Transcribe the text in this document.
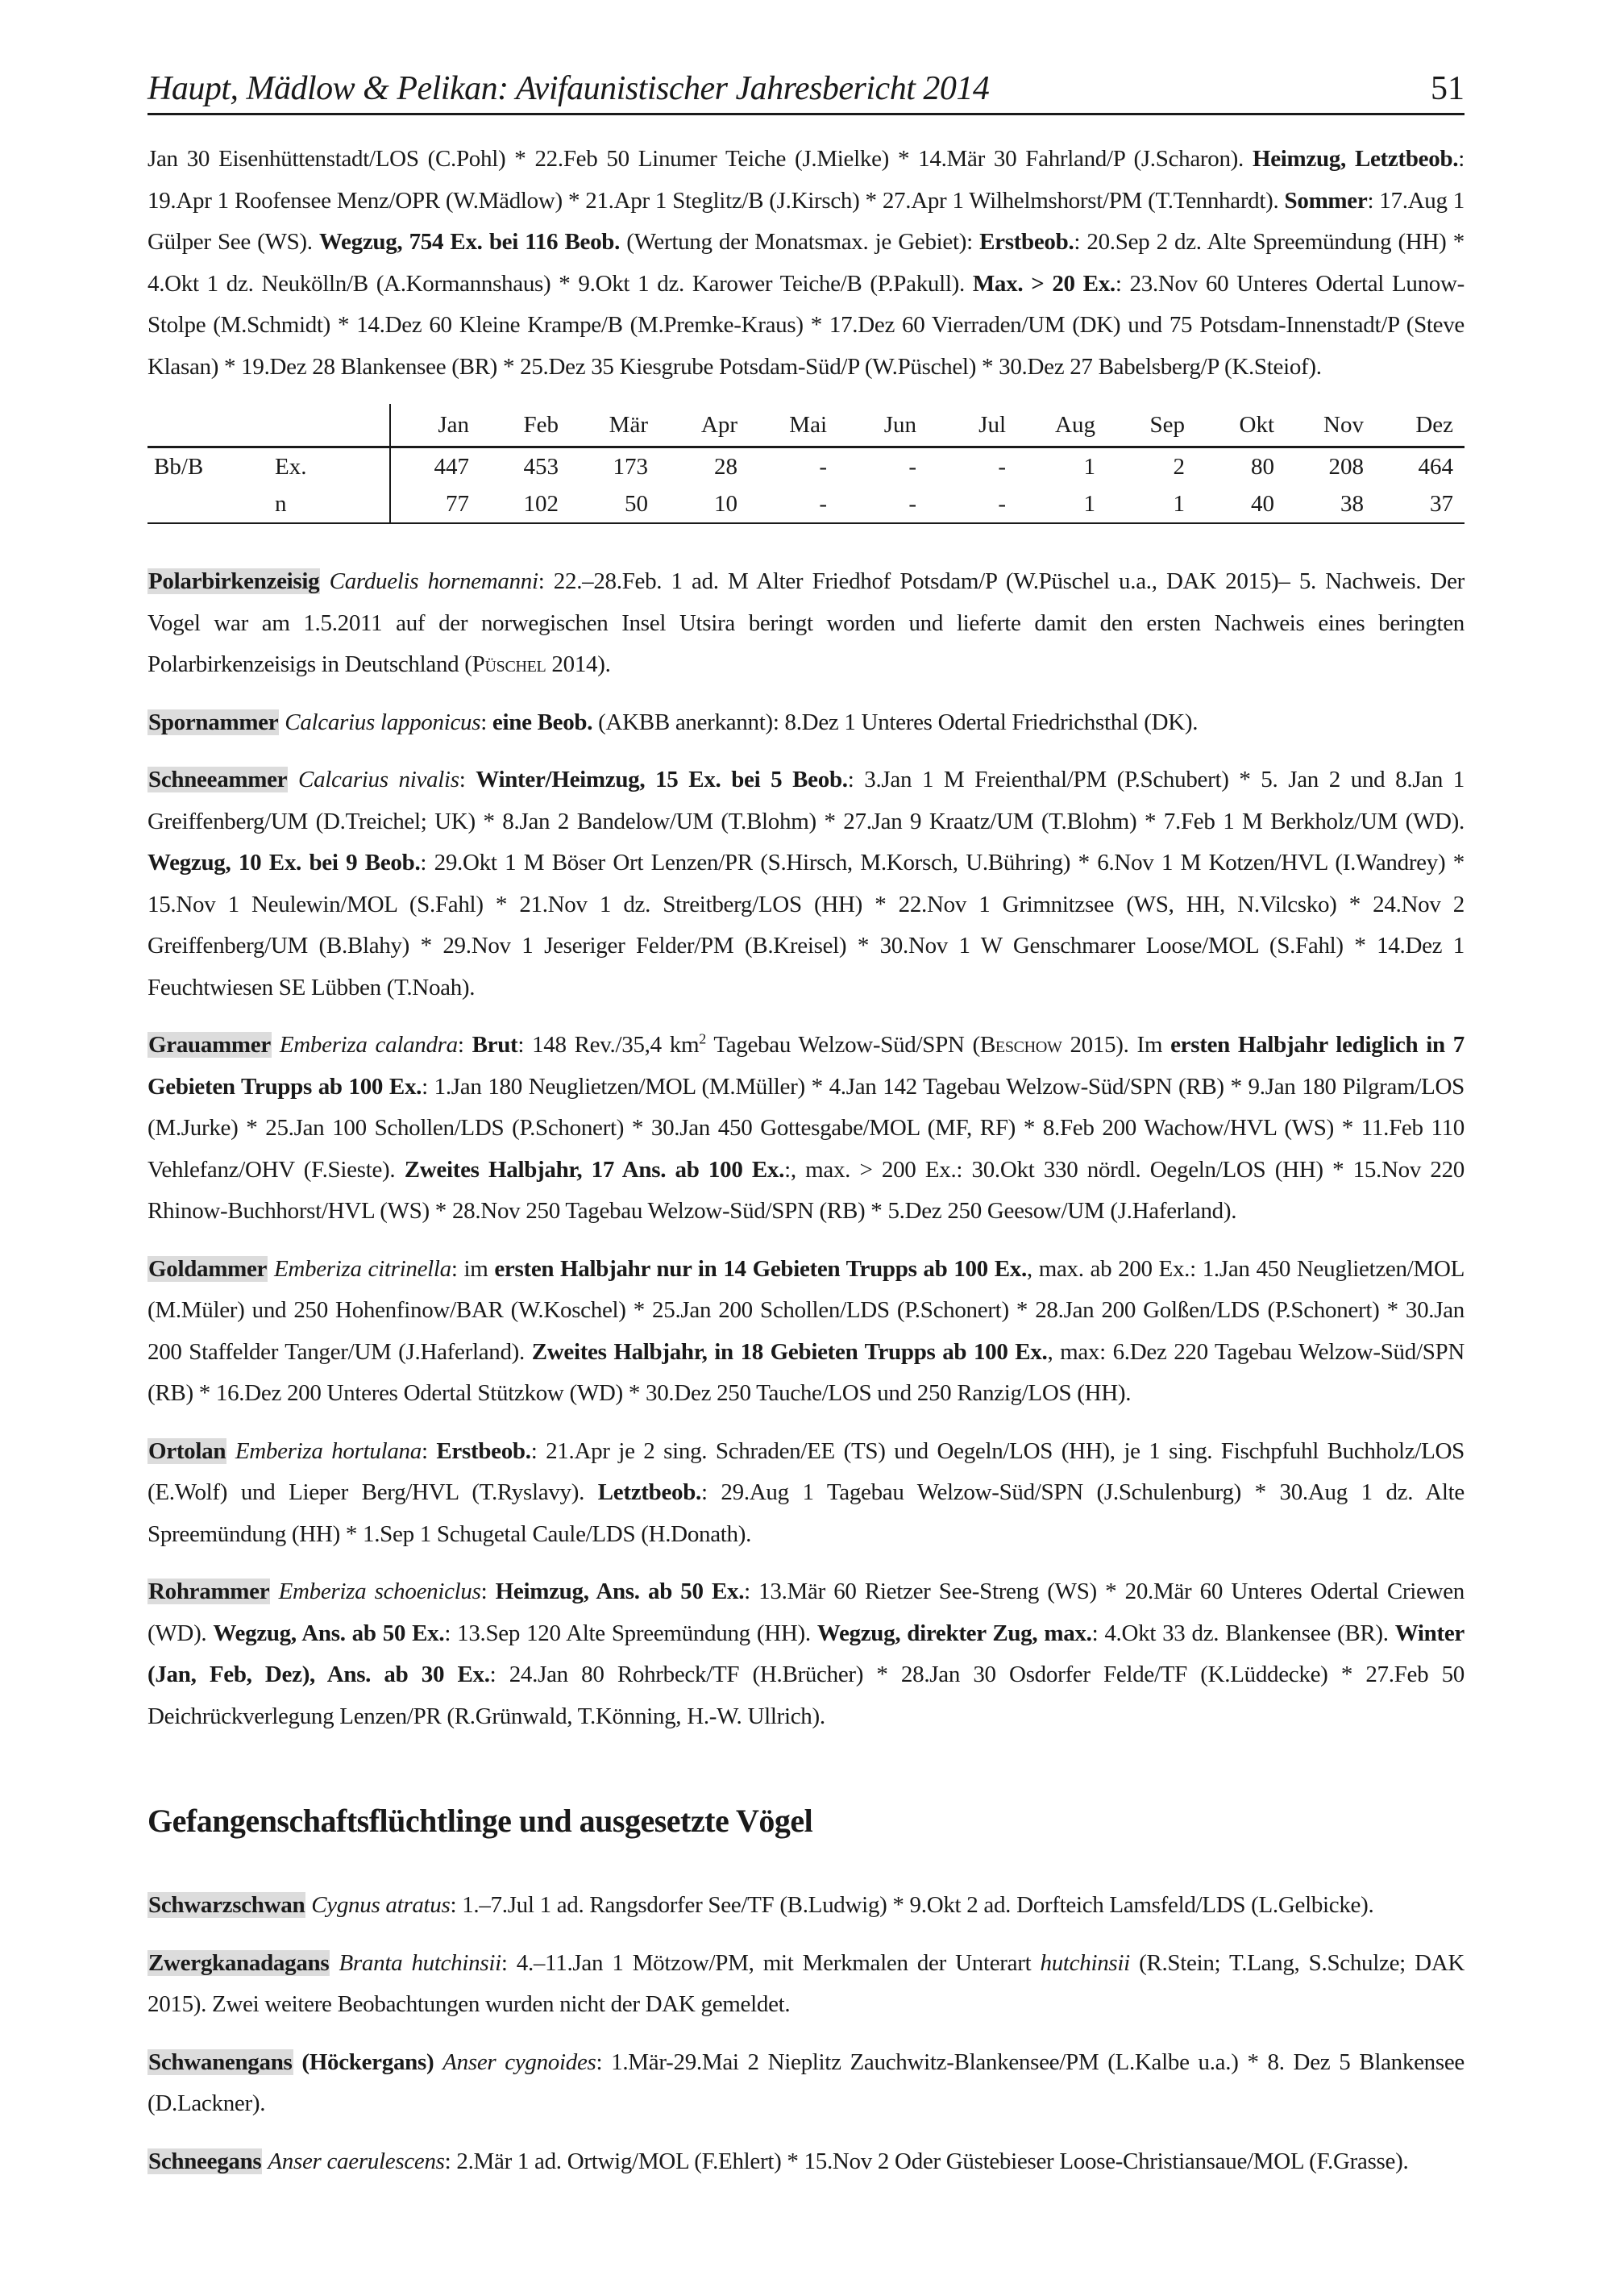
Haupt, Mädlow & Pelikan: Avifaunistischer Jahresbericht 2014	51

Jan 30 Eisenhüttenstadt/LOS (C.Pohl) * 22.Feb 50 Linumer Teiche (J.Mielke) * 14.Mär 30 Fahrland/P (J.Scharon). Heimzug, Letztbeob.: 19.Apr 1 Roofensee Menz/OPR (W.Mädlow) * 21.Apr 1 Steglitz/B (J.Kirsch) * 27.Apr 1 Wilhelmshorst/PM (T.Tennhardt). Sommer: 17.Aug 1 Gülper See (WS). Wegzug, 754 Ex. bei 116 Beob. (Wertung der Monatsmax. je Gebiet): Erstbeob.: 20.Sep 2 dz. Alte Spreemündung (HH) * 4.Okt 1 dz. Neukölln/B (A.Kormannshaus) * 9.Okt 1 dz. Karower Teiche/B (P.Pakull). Max. > 20 Ex.: 23.Nov 60 Unteres Odertal Lunow-Stolpe (M.Schmidt) * 14.Dez 60 Kleine Krampe/B (M.Premke-Kraus) * 17.Dez 60 Vierraden/UM (DK) und 75 Potsdam-Innenstadt/P (Steve Klasan) * 19.Dez 28 Blankensee (BR) * 25.Dez 35 Kiesgrube Potsdam-Süd/P (W.Püschel) * 30.Dez 27 Babelsberg/P (K.Steiof).

			Jan	Feb	Mär	Apr	Mai	Jun	Jul	Aug	Sep	Okt	Nov	Dez
Bb/B	Ex.		447	453	173	28	-	-	-	1	2	80	208	464
	n		77	102	50	10	-	-	-	1	1	40	38	37

Polarbirkenzeisig Carduelis hornemanni: 22.–28.Feb. 1 ad. M Alter Friedhof Potsdam/P (W.Püschel u.a., DAK 2015)– 5. Nachweis. Der Vogel war am 1.5.2011 auf der norwegischen Insel Utsira beringt worden und lieferte damit den ersten Nachweis eines beringten Polarbirkenzeisigs in Deutschland (Püschel 2014).

Spornammer Calcarius lapponicus: eine Beob. (AKBB anerkannt): 8.Dez 1 Unteres Odertal Friedrichsthal (DK).

Schneeammer Calcarius nivalis: Winter/Heimzug, 15 Ex. bei 5 Beob.: 3.Jan 1 M Freienthal/PM (P.Schubert) * 5. Jan 2 und 8.Jan 1 Greiffenberg/UM (D.Treichel; UK) * 8.Jan 2 Bandelow/UM (T.Blohm) * 27.Jan 9 Kraatz/UM (T.Blohm) * 7.Feb 1 M Berkholz/UM (WD). Wegzug, 10 Ex. bei 9 Beob.: 29.Okt 1 M Böser Ort Lenzen/PR (S.Hirsch, M.Korsch, U.Bühring) * 6.Nov 1 M Kotzen/HVL (I.Wandrey) * 15.Nov 1 Neulewin/MOL (S.Fahl) * 21.Nov 1 dz. Streitberg/LOS (HH) * 22.Nov 1 Grimnitzsee (WS, HH, N.Vilcsko) * 24.Nov 2 Greiffenberg/UM (B.Blahy) * 29.Nov 1 Jeseriger Felder/PM (B.Kreisel) * 30.Nov 1 W Genschmarer Loose/MOL (S.Fahl) * 14.Dez 1 Feuchtwiesen SE Lübben (T.Noah).

Grauammer Emberiza calandra: Brut: 148 Rev./35,4 $km^2$ Tagebau Welzow-Süd/SPN (Beschow 2015). Im ersten Halbjahr lediglich in 7 Gebieten Trupps ab 100 Ex.: 1.Jan 180 Neuglietzen/MOL (M.Müller) * 4.Jan 142 Tagebau Welzow-Süd/SPN (RB) * 9.Jan 180 Pilgram/LOS (M.Jurke) * 25.Jan 100 Schollen/LDS (P.Schonert) * 30.Jan 450 Gottesgabe/MOL (MF, RF) * 8.Feb 200 Wachow/HVL (WS) * 11.Feb 110 Vehlefanz/OHV (F.Sieste). Zweites Halbjahr, 17 Ans. ab 100 Ex.:, max. > 200 Ex.: 30.Okt 330 nördl. Oegeln/LOS (HH) * 15.Nov 220 Rhinow-Buchhorst/HVL (WS) * 28.Nov 250 Tagebau Welzow-Süd/SPN (RB) * 5.Dez 250 Geesow/UM (J.Haferland).

Goldammer Emberiza citrinella: im ersten Halbjahr nur in 14 Gebieten Trupps ab 100 Ex., max. ab 200 Ex.: 1.Jan 450 Neuglietzen/MOL (M.Müler) und 250 Hohenfinow/BAR (W.Koschel) * 25.Jan 200 Schollen/LDS (P.Schonert) * 28.Jan 200 Golßen/LDS (P.Schonert) * 30.Jan 200 Staffelder Tanger/UM (J.Haferland). Zweites Halbjahr, in 18 Gebieten Trupps ab 100 Ex., max: 6.Dez 220 Tagebau Welzow-Süd/SPN (RB) * 16.Dez 200 Unteres Odertal Stützkow (WD) * 30.Dez 250 Tauche/LOS und 250 Ranzig/LOS (HH).

Ortolan Emberiza hortulana: Erstbeob.: 21.Apr je 2 sing. Schraden/EE (TS) und Oegeln/LOS (HH), je 1 sing. Fischpfuhl Buchholz/LOS (E.Wolf) und Lieper Berg/HVL (T.Ryslavy). Letztbeob.: 29.Aug 1 Tagebau Welzow-Süd/SPN (J.Schulenburg) * 30.Aug 1 dz. Alte Spreemündung (HH) * 1.Sep 1 Schugetal Caule/LDS (H.Donath).

Rohrammer Emberiza schoeniclus: Heimzug, Ans. ab 50 Ex.: 13.Mär 60 Rietzer See-Streng (WS) * 20.Mär 60 Unteres Odertal Criewen (WD). Wegzug, Ans. ab 50 Ex.: 13.Sep 120 Alte Spreemündung (HH). Wegzug, direkter Zug, max.: 4.Okt 33 dz. Blankensee (BR). Winter (Jan, Feb, Dez), Ans. ab 30 Ex.: 24.Jan 80 Rohrbeck/TF (H.Brücher) * 28.Jan 30 Osdorfer Felde/TF (K.Lüddecke) * 27.Feb 50 Deichrückverlegung Lenzen/PR (R.Grünwald, T.Könning, H.-W. Ullrich).

Gefangenschaftsflüchtlinge und ausgesetzte Vögel

Schwarzschwan Cygnus atratus: 1.–7.Jul 1 ad. Rangsdorfer See/TF (B.Ludwig) * 9.Okt 2 ad. Dorfteich Lamsfeld/LDS (L.Gelbicke).

Zwergkanadagans Branta hutchinsii: 4.–11.Jan 1 Mötzow/PM, mit Merkmalen der Unterart hutchinsii (R.Stein; T.Lang, S.Schulze; DAK 2015). Zwei weitere Beobachtungen wurden nicht der DAK gemeldet.

Schwanengans (Höckergans) Anser cygnoides: 1.Mär-29.Mai 2 Nieplitz Zauchwitz-Blankensee/PM (L.Kalbe u.a.) * 8. Dez 5 Blankensee (D.Lackner).

Schneegans Anser caerulescens: 2.Mär 1 ad. Ortwig/MOL (F.Ehlert) * 15.Nov 2 Oder Güstebieser Loose-Christiansaue/MOL (F.Grasse).
